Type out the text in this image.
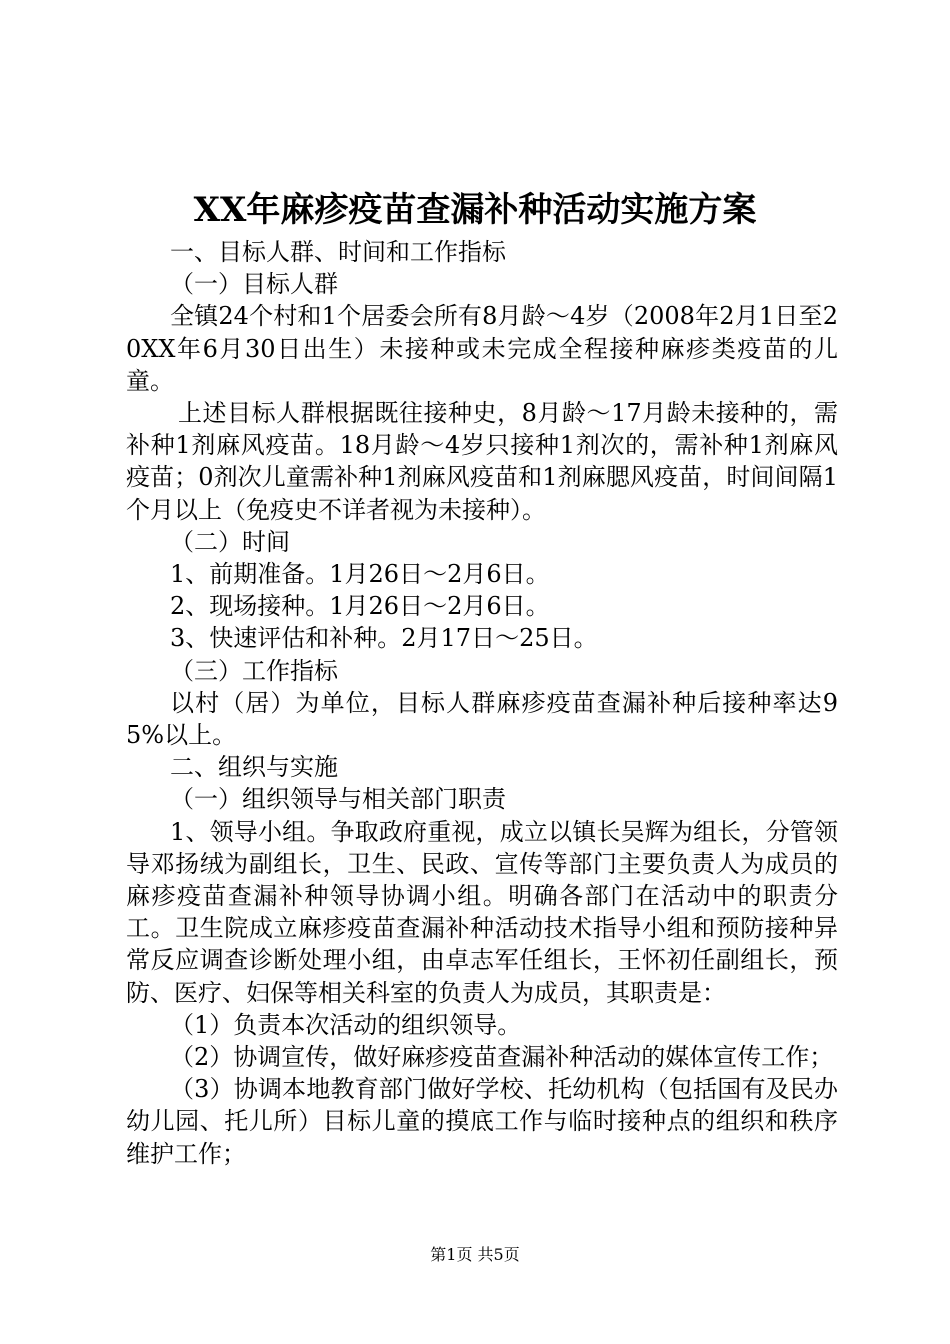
XX年麻疹疫苗查漏补种活动实施方案

一、目标人群、时间和工作指标

（一）目标人群

全镇24个村和1个居委会所有8月龄～4岁（2008年2月1日至20XX年6月30日出生）未接种或未完成全程接种麻疹类疫苗的儿童。

上述目标人群根据既往接种史，8月龄～17月龄未接种的，需补种1剂麻风疫苗。18月龄～4岁只接种1剂次的，需补种1剂麻风疫苗；0剂次儿童需补种1剂麻风疫苗和1剂麻腮风疫苗，时间间隔1个月以上（免疫史不详者视为未接种）。

（二）时间

1、前期准备。1月26日～2月6日。

2、现场接种。1月26日～2月6日。

3、快速评估和补种。2月17日～25日。

（三）工作指标

以村（居）为单位，目标人群麻疹疫苗查漏补种后接种率达95%以上。

二、组织与实施

（一）组织领导与相关部门职责

1、领导小组。争取政府重视，成立以镇长吴辉为组长，分管领导邓扬绒为副组长，卫生、民政、宣传等部门主要负责人为成员的麻疹疫苗查漏补种领导协调小组。明确各部门在活动中的职责分工。卫生院成立麻疹疫苗查漏补种活动技术指导小组和预防接种异常反应调查诊断处理小组，由卓志军任组长，王怀初任副组长，预防、医疗、妇保等相关科室的负责人为成员，其职责是：

（1）负责本次活动的组织领导。

（2）协调宣传，做好麻疹疫苗查漏补种活动的媒体宣传工作；

（3）协调本地教育部门做好学校、托幼机构（包括国有及民办幼儿园、托儿所）目标儿童的摸底工作与临时接种点的组织和秩序维护工作；

第1页 共5页
